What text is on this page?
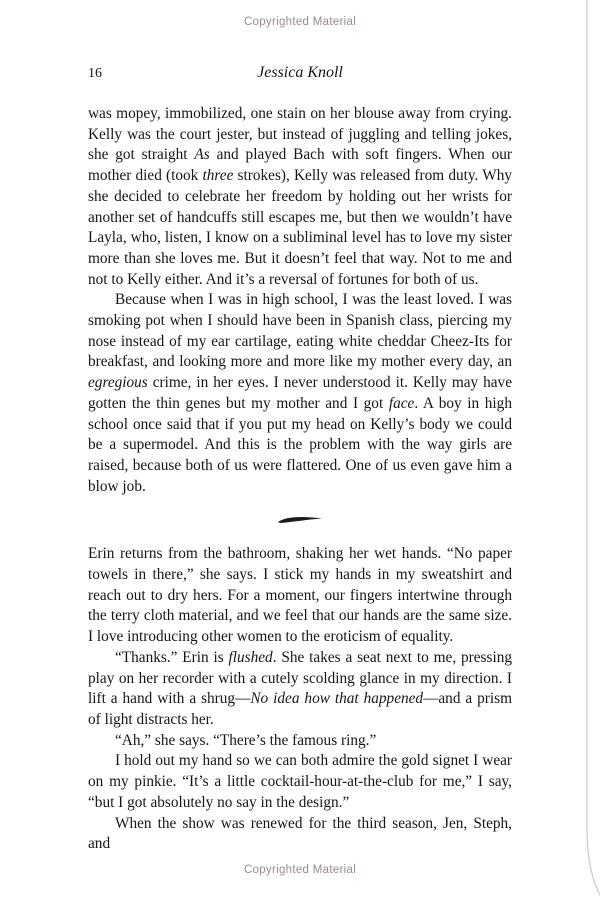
Copyrighted Material
16	Jessica Knoll

was mopey, immobilized, one stain on her blouse away from crying. Kelly was the court jester, but instead of juggling and telling jokes, she got straight As and played Bach with soft fingers. When our mother died (took three strokes), Kelly was released from duty. Why she decided to celebrate her freedom by holding out her wrists for another set of handcuffs still escapes me, but then we wouldn’t have Layla, who, listen, I know on a subliminal level has to love my sister more than she loves me. But it doesn’t feel that way. Not to me and not to Kelly either. And it’s a reversal of fortunes for both of us.

Because when I was in high school, I was the least loved. I was smoking pot when I should have been in Spanish class, piercing my nose instead of my ear cartilage, eating white cheddar Cheez-Its for breakfast, and looking more and more like my mother every day, an egregious crime, in her eyes. I never understood it. Kelly may have gotten the thin genes but my mother and I got face. A boy in high school once said that if you put my head on Kelly’s body we could be a supermodel. And this is the problem with the way girls are raised, because both of us were flattered. One of us even gave him a blow job.

Erin returns from the bathroom, shaking her wet hands. “No paper towels in there,” she says. I stick my hands in my sweatshirt and reach out to dry hers. For a moment, our fingers intertwine through the terry cloth material, and we feel that our hands are the same size. I love introducing other women to the eroticism of equality.

“Thanks.” Erin is flushed. She takes a seat next to me, pressing play on her recorder with a cutely scolding glance in my direction. I lift a hand with a shrug—No idea how that happened—and a prism of light distracts her.

“Ah,” she says. “There’s the famous ring.”

I hold out my hand so we can both admire the gold signet I wear on my pinkie. “It’s a little cocktail-hour-at-the-club for me,” I say, “but I got absolutely no say in the design.”

When the show was renewed for the third season, Jen, Steph, and

Copyrighted Material
